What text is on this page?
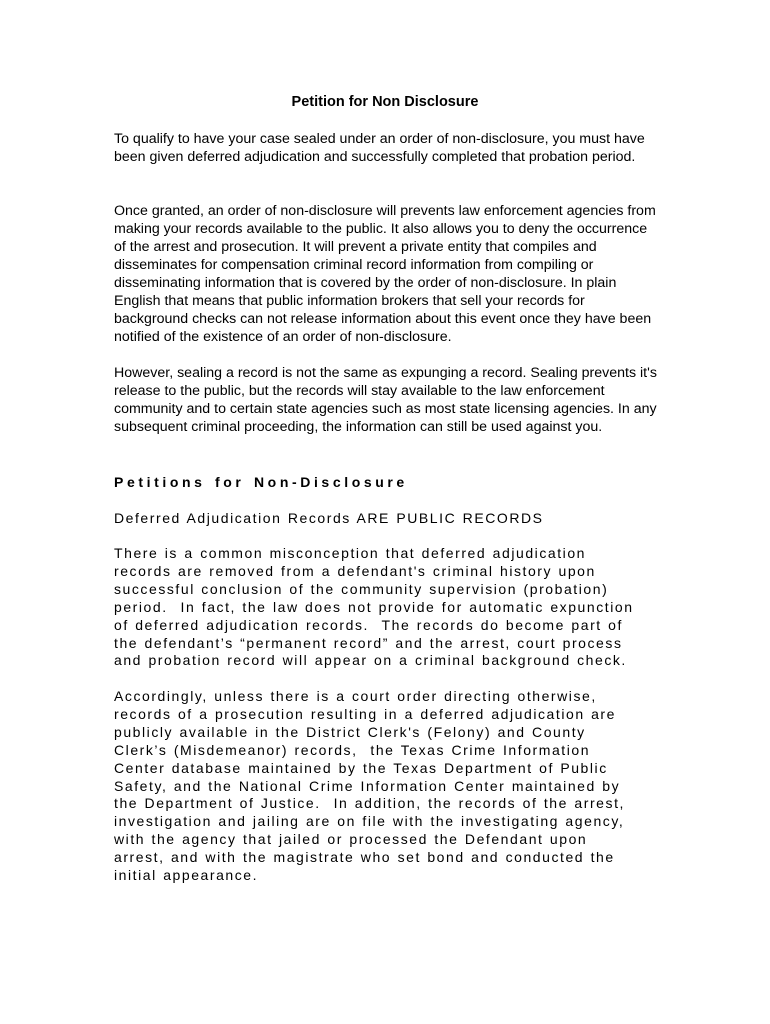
Petition for Non Disclosure

To qualify to have your case sealed under an order of non-disclosure, you must have been given deferred adjudication and successfully completed that probation period.

Once granted, an order of non-disclosure will prevents law enforcement agencies from making your records available to the public. It also allows you to deny the occurrence of the arrest and prosecution. It will prevent a private entity that compiles and disseminates for compensation criminal record information from compiling or disseminating information that is covered by the order of non-disclosure. In plain English that means that public information brokers that sell your records for background checks can not release information about this event once they have been notified of the existence of an order of non-disclosure.

However, sealing a record is not the same as expunging a record. Sealing prevents it's release to the public, but the records will stay available to the law enforcement community and to certain state agencies such as most state licensing agencies. In any subsequent criminal proceeding, the information can still be used against you.

Petitions for Non-Disclosure

Deferred Adjudication Records ARE PUBLIC RECORDS

There is a common misconception that deferred adjudication
records are removed from a defendant's criminal history upon
successful conclusion of the community supervision (probation)
period.  In fact, the law does not provide for automatic expunction
of deferred adjudication records.  The records do become part of
the defendant’s “permanent record” and the arrest, court process
and probation record will appear on a criminal background check.

Accordingly, unless there is a court order directing otherwise,
records of a prosecution resulting in a deferred adjudication are
publicly available in the District Clerk's (Felony) and County
Clerk’s (Misdemeanor) records,  the Texas Crime Information
Center database maintained by the Texas Department of Public
Safety, and the National Crime Information Center maintained by
the Department of Justice.  In addition, the records of the arrest,
investigation and jailing are on file with the investigating agency,
with the agency that jailed or processed the Defendant upon
arrest, and with the magistrate who set bond and conducted the
initial appearance.
